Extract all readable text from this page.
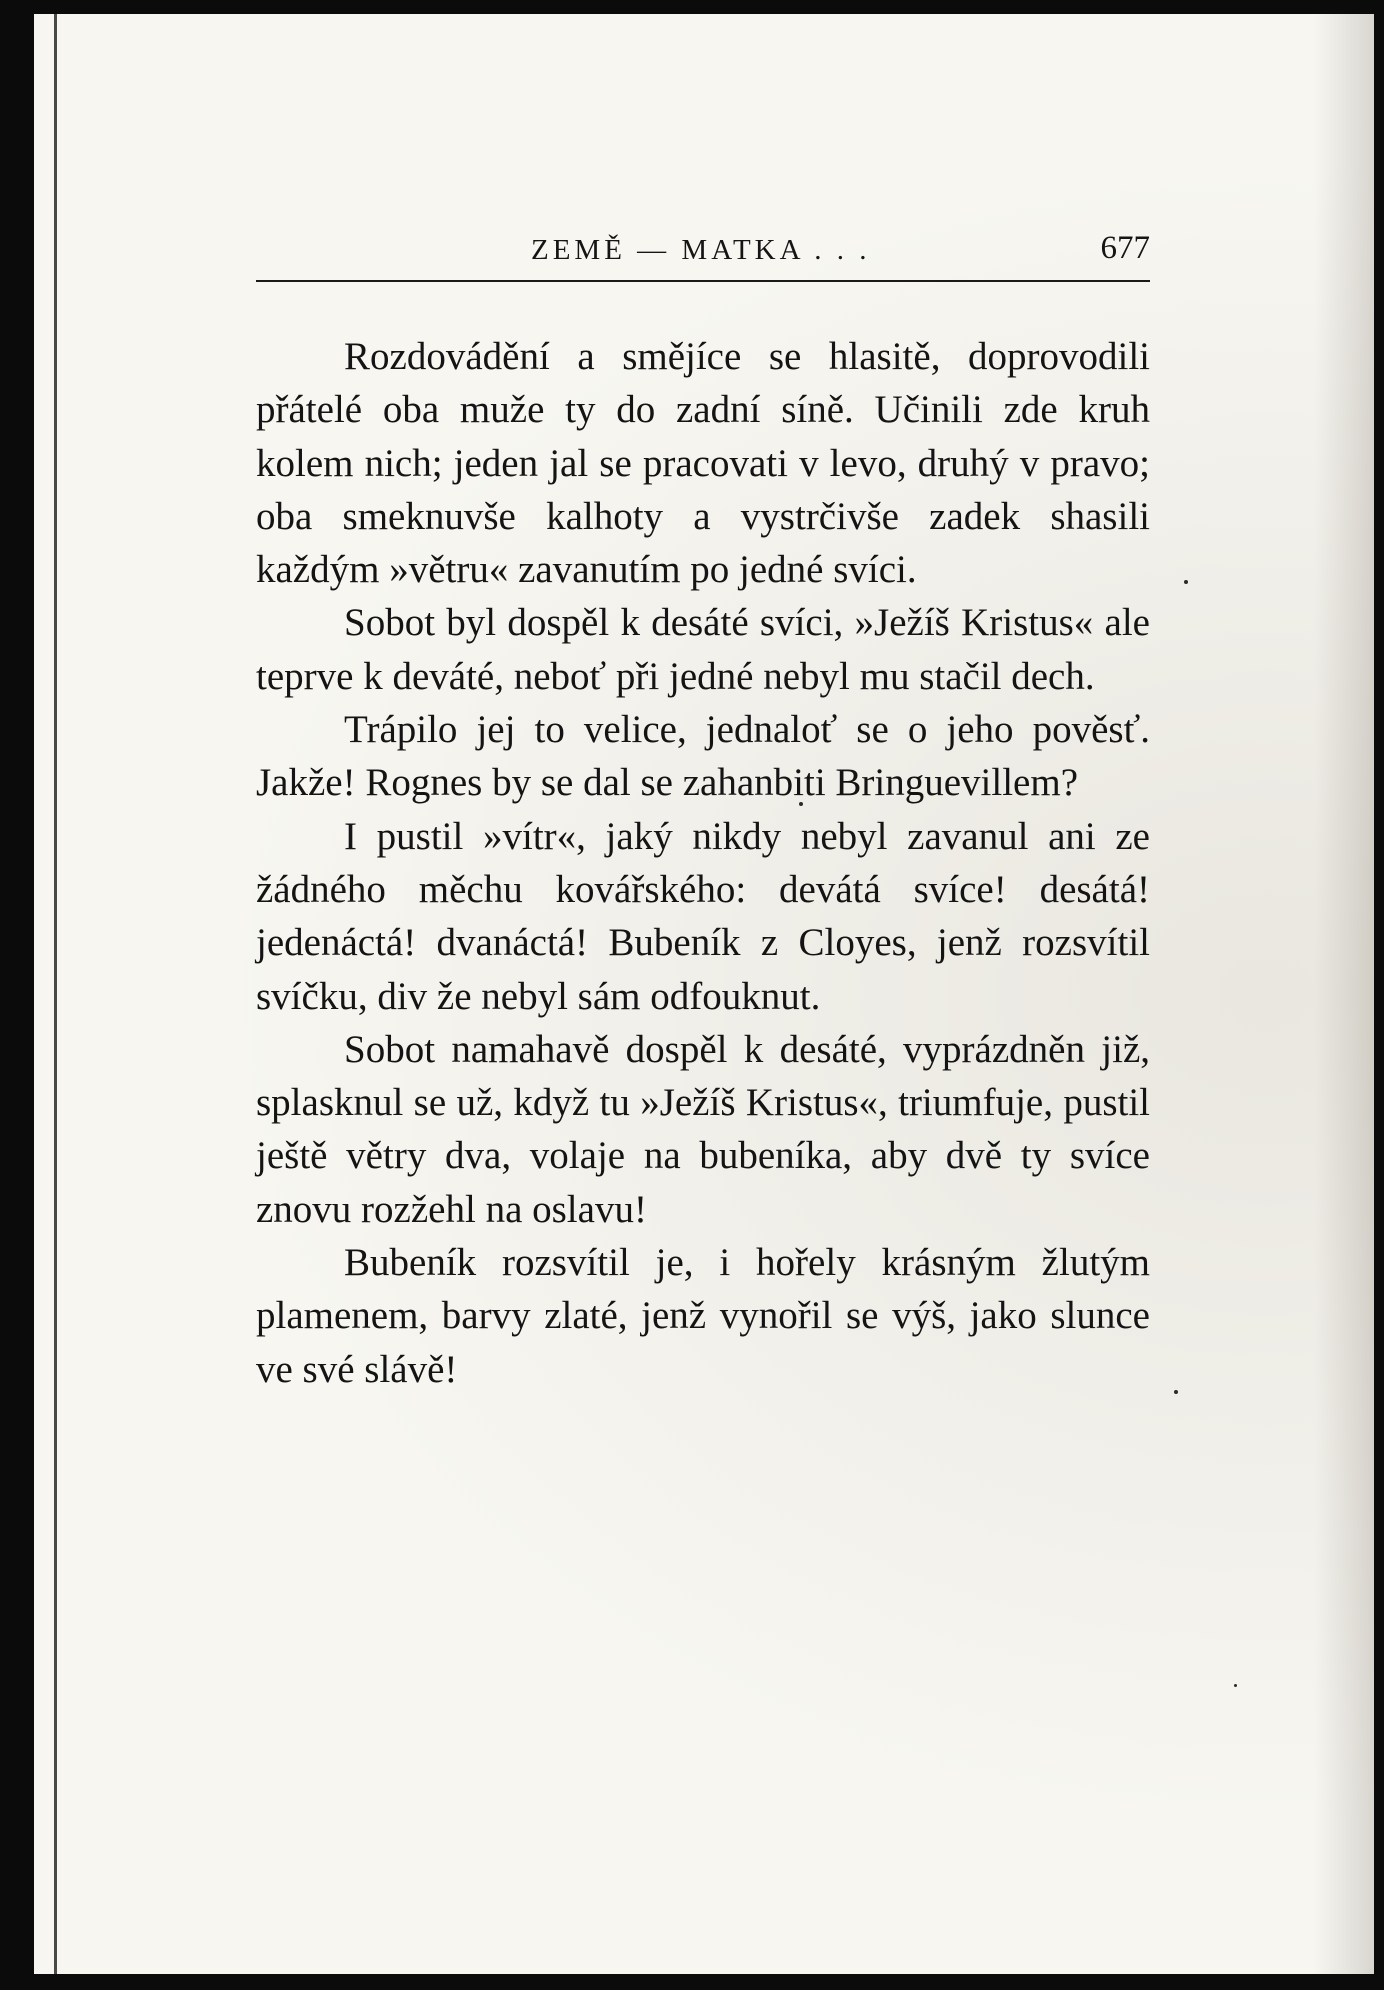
ZEMĚ — MATKA . . .	677

Rozdovádění a smějíce se hlasitě, doprovodili přátelé oba muže ty do zadní síně. Učinili zde kruh kolem nich; jeden jal se pracovati v levo, druhý v pravo; oba smeknuvše kalhoty a vystrčivše zadek shasili každým »větru« zavanutím po jedné svíci.

Sobot byl dospěl k desáté svíci, »Ježíš Kristus« ale teprve k deváté, neboť při jedné nebyl mu stačil dech.

Trápilo jej to velice, jednaloť se o jeho pověsť. Jakže! Rognes by se dal se zahanbiti Bringuevillem?

I pustil »vítr«, jaký nikdy nebyl zavanul ani ze žádného měchu kovářského: devátá svíce! desátá! jedenáctá! dvanáctá! Bubeník z Cloyes, jenž rozsvítil svíčku, div že nebyl sám odfouknut.

Sobot namahavě dospěl k desáté, vyprázdněn již, splasknul se už, když tu »Ježíš Kristus«, triumfuje, pustil ještě větry dva, volaje na bubeníka, aby dvě ty svíce znovu rozžehl na oslavu!

Bubeník rozsvítil je, i hořely krásným žlutým plamenem, barvy zlaté, jenž vynořil se výš, jako slunce ve své slávě!
